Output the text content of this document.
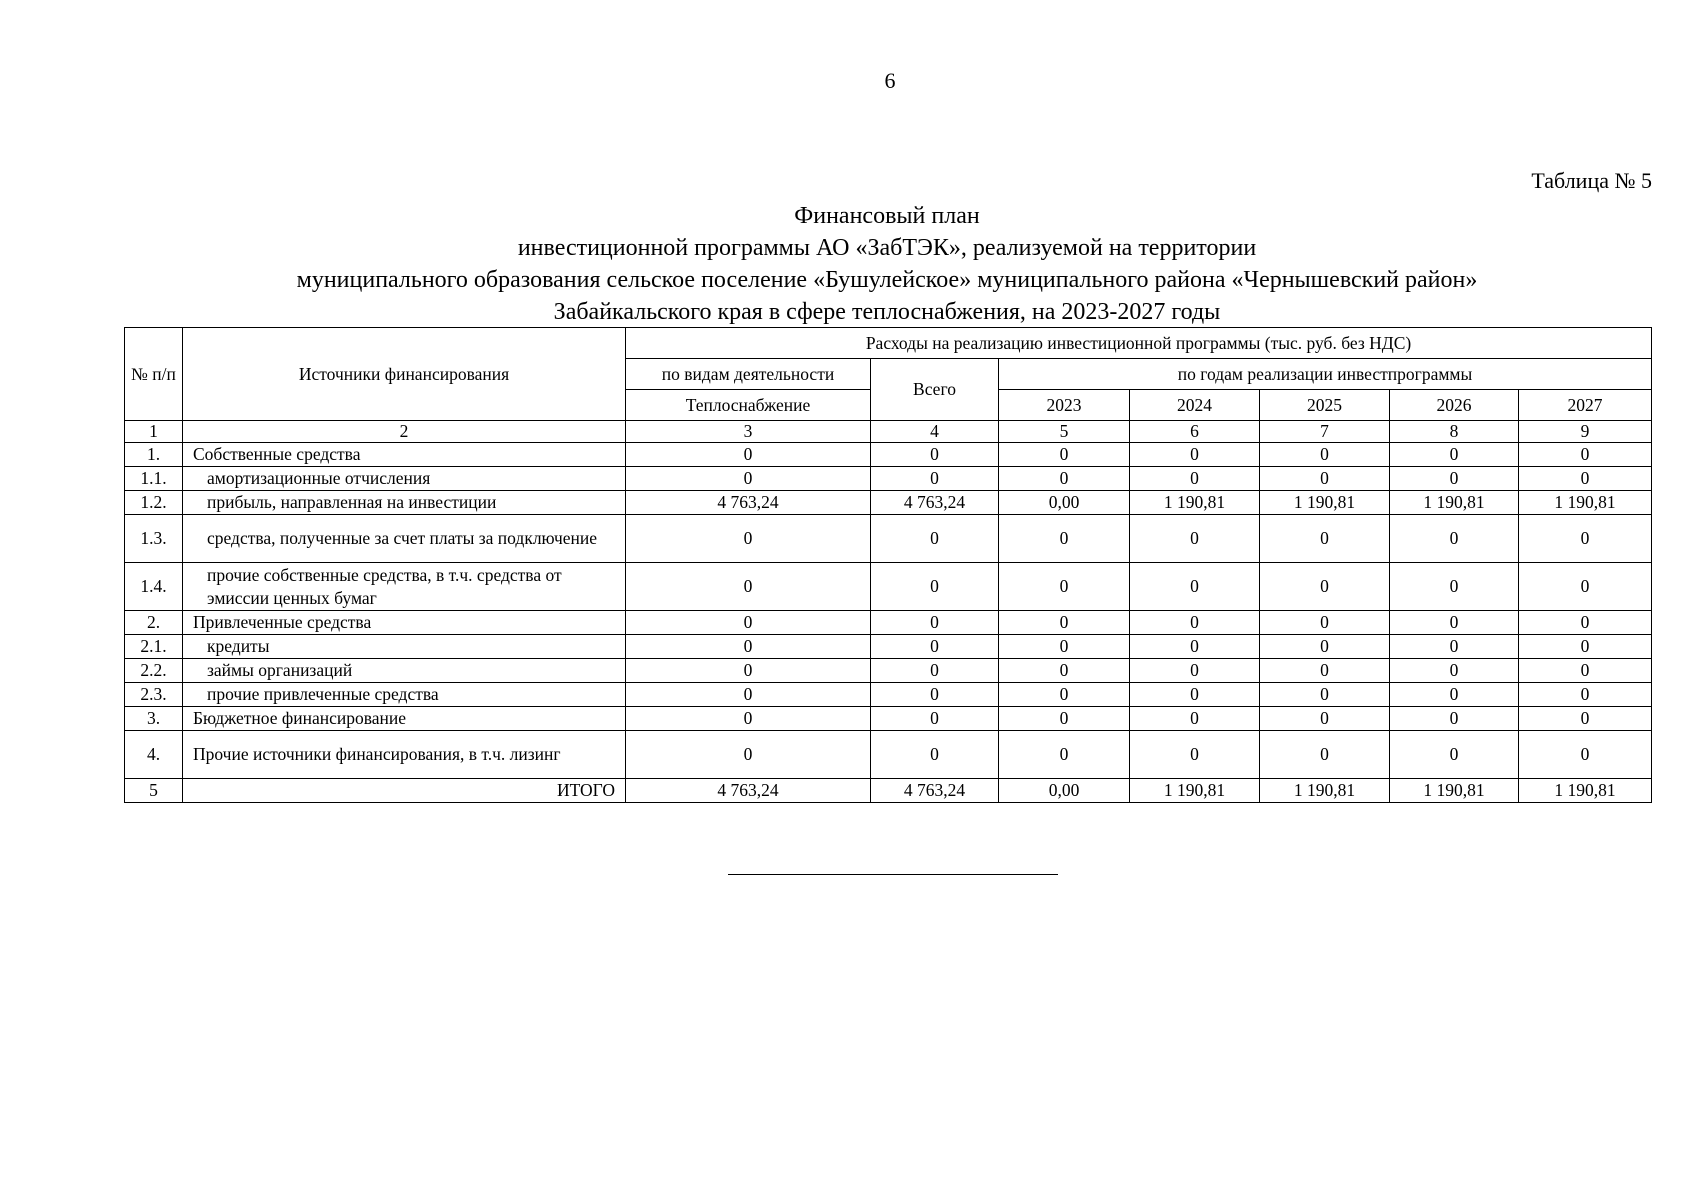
6
Таблица № 5
Финансовый план
инвестиционной программы АО «ЗабТЭК», реализуемой на территории
муниципального образования сельское поселение «Бушулейское» муниципального района «Чернышевский район»
Забайкальского края в сфере теплоснабжения, на 2023-2027 годы
№ п/п	Источники финансирования	Расходы на реализацию инвестиционной программы (тыс. руб. без НДС)						
		по видам деятельности	Всего	по годам реализации инвестпрограммы				
		Теплоснабжение		2023	2024	2025	2026	2027
1	2	3	4	5	6	7	8	9
1.	Собственные средства	0	0	0	0	0	0	0
1.1.	амортизационные отчисления	0	0	0	0	0	0	0
1.2.	прибыль, направленная на инвестиции	4 763,24	4 763,24	0,00	1 190,81	1 190,81	1 190,81	1 190,81
1.3.	средства, полученные за счет платы за подключение	0	0	0	0	0	0	0
1.4.	прочие собственные средства, в т.ч. средства от эмиссии ценных бумаг	0	0	0	0	0	0	0
2.	Привлеченные средства	0	0	0	0	0	0	0
2.1.	кредиты	0	0	0	0	0	0	0
2.2.	займы организаций	0	0	0	0	0	0	0
2.3.	прочие привлеченные средства	0	0	0	0	0	0	0
3.	Бюджетное финансирование	0	0	0	0	0	0	0
4.	Прочие источники финансирования, в т.ч. лизинг	0	0	0	0	0	0	0
5	ИТОГО	4 763,24	4 763,24	0,00	1 190,81	1 190,81	1 190,81	1 190,81
